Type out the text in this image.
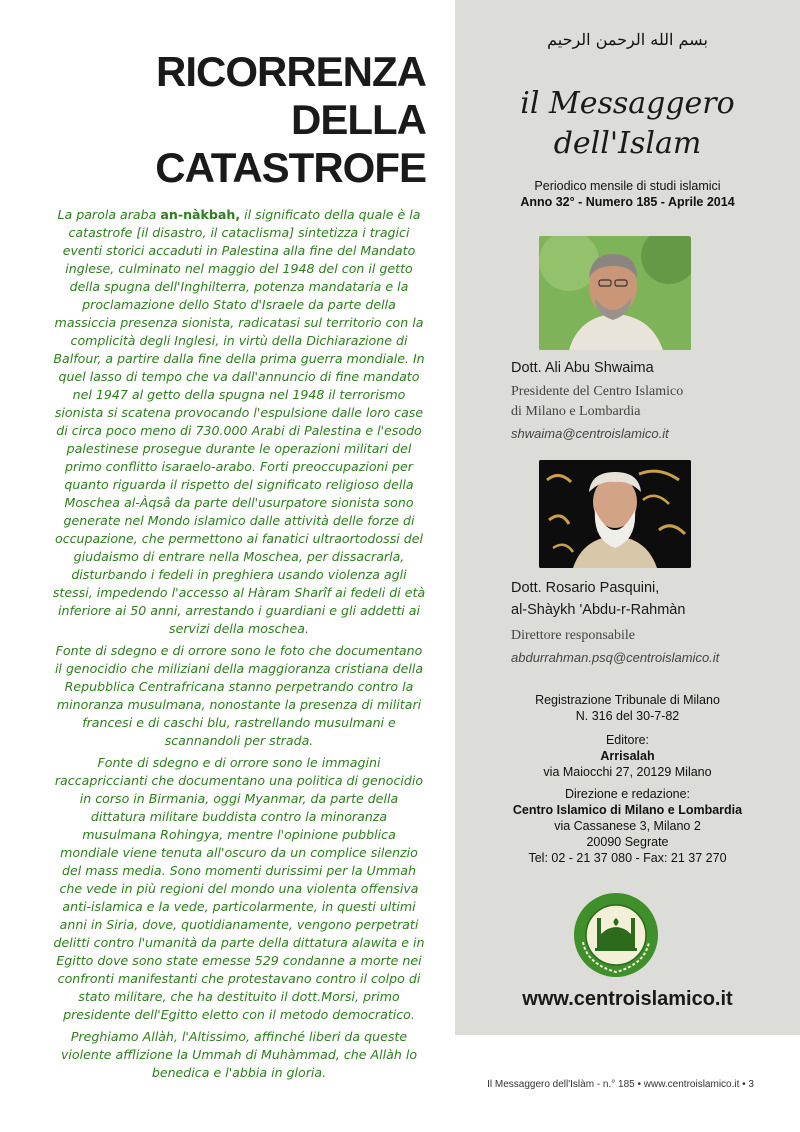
RICORRENZA
DELLA CATASTROFE

La parola araba an-nàkbah, il significato della quale è la catastrofe [il disastro, il cataclisma] sintetizza i tragici eventi storici accaduti in Palestina alla fine del Mandato inglese, culminato nel maggio del 1948 del con il getto della spugna dell'Inghilterra, potenza mandataria e la proclamazione dello Stato d'Israele da parte della massiccia presenza sionista, radicatasi sul territorio con la complicità degli Inglesi, in virtù della Dichiarazione di Balfour, a partire dalla fine della prima guerra mondiale. In quel lasso di tempo che va dall'annuncio di fine mandato nel 1947 al getto della spugna nel 1948 il terrorismo sionista si scatena provocando l'espulsione dalle loro case di circa poco meno di 730.000 Arabi di Palestina e l'esodo palestinese prosegue durante le operazioni militari del primo conflitto isaraelo-arabo. Forti preoccupazioni per quanto riguarda il rispetto del significato religioso della Moschea al-Àqsâ da parte dell'usurpatore sionista sono generate nel Mondo islamico dalle attività delle forze di occupazione, che permettono ai fanatici ultraortodossi del giudaismo di entrare nella Moschea, per dissacrarla, disturbando i fedeli in preghiera usando violenza agli stessi, impedendo l'accesso al Hàram Sharîf ai fedeli di età inferiore ai 50 anni, arrestando i guardiani e gli addetti ai servizi della moschea.

Fonte di sdegno e di orrore sono le foto che documentano il genocidio che miliziani della maggioranza cristiana della Repubblica Centrafricana stanno perpetrando contro la minoranza musulmana, nonostante la presenza di militari francesi e di caschi blu, rastrellando musulmani e scannandoli per strada.

Fonte di sdegno e di orrore sono le immagini raccapriccianti che documentano una politica di genocidio in corso in Birmania, oggi Myanmar, da parte della dittatura militare buddista contro la minoranza musulmana Rohingya, mentre l'opinione pubblica mondiale viene tenuta all'oscuro da un complice silenzio del mass media. Sono momenti durissimi per la Ummah che vede in più regioni del mondo una violenta offensiva anti-islamica e la vede, particolarmente, in questi ultimi anni in Siria, dove, quotidianamente, vengono perpetrati delitti contro l'umanità da parte della dittatura alawita e in Egitto dove sono state emesse 529 condanne a morte nei confronti manifestanti che protestavano contro il colpo di stato militare, che ha destituito il dott.Morsi, primo presidente dell'Egitto eletto con il metodo democratico.

Preghiamo Allàh, l'Altissimo, affinché liberi da queste violente afflizione la Ummah di Muhàmmad, che Allàh lo benedica e l'abbia in gloria.

بسم الله الرحمن الرحيم
il Messaggero
dell'Islam
Periodico mensile di studi islamici
Anno 32° - Numero 185 - Aprile 2014
Dott. Ali Abu Shwaima
Presidente del Centro Islamico
di Milano e Lombardia
shwaima@centroislamico.it
Dott. Rosario Pasquini,
al-Shàykh 'Abdu-r-Rahmàn
Direttore responsabile
abdurrahman.psq@centroislamico.it
Registrazione Tribunale di Milano
N. 316 del 30-7-82
Editore:
Arrisalah
via Maiocchi 27, 20129 Milano
Direzione e redazione:
Centro Islamico di Milano e Lombardia
via Cassanese 3, Milano 2
20090 Segrate
Tel: 02 - 21 37 080 - Fax: 21 37 270
www.centroislamico.it
Il Messaggero dell'Islàm - n.° 185 • www.centroislamico.it • 3
